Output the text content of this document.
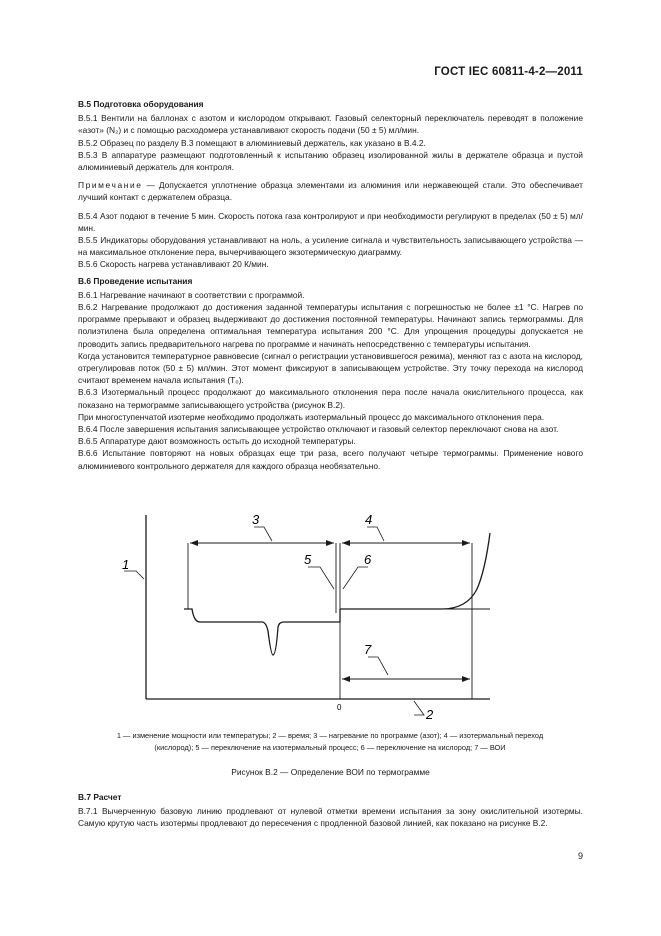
ГОСТ IEC 60811-4-2—2011

В.5 Подготовка оборудования

В.5.1 Вентили на баллонах с азотом и кислородом открывают. Газовый селекторный переключатель переводят в положение «азот» (N₂) и с помощью расходомера устанавливают скорость подачи (50 ± 5) мл/мин.

В.5.2 Образец по разделу В.3 помещают в алюминиевый держатель, как указано в В.4.2.

В.5.3 В аппаратуре размещают подготовленный к испытанию образец изолированной жилы в держателе образца и пустой алюминиевый держатель для контроля.

Примечание — Допускается уплотнение образца элементами из алюминия или нержавеющей стали. Это обеспечивает лучший контакт с держателем образца.

В.5.4 Азот подают в течение 5 мин. Скорость потока газа контролируют и при необходимости регулируют в пределах (50 ± 5) мл/мин.

В.5.5 Индикаторы оборудования устанавливают на ноль, а усиление сигнала и чувствительность записывающего устройства — на максимальное отклонение пера, вычерчивающего экзотермическую диаграмму.

В.5.6 Скорость нагрева устанавливают 20 К/мин.

В.6 Проведение испытания

В.6.1 Нагревание начинают в соответствии с программой.

В.6.2 Нагревание продолжают до достижения заданной температуры испытания с погрешностью не более ±1 °С. Нагрев по программе прерывают и образец выдерживают до достижения постоянной температуры. Начинают запись термограммы. Для полиэтилена была определена оптимальная температура испытания 200 °С. Для упрощения процедуры допускается не проводить запись предварительного нагрева по программе и начинать непосредственно с температуры испытания.

Когда установится температурное равновесие (сигнал о регистрации установившегося режима), меняют газ с азота на кислород, отрегулировав поток (50 ± 5) мл/мин. Этот момент фиксируют в записывающем устройстве. Эту точку перехода на кислород считают временем начала испытания (T₀).

В.6.3 Изотермальный процесс продолжают до максимального отклонения пера после начала окислительного процесса, как показано на термограмме записывающего устройства (рисунок В.2).

При многоступенчатой изотерме необходимо продолжать изотермальный процесс до максимального отклонения пера.

В.6.4 После завершения испытания записывающее устройство отключают и газовый селектор переключают снова на азот.

В.6.5 Аппаратуре дают возможность остыть до исходной температуры.

В.6.6 Испытание повторяют на новых образцах еще три раза, всего получают четыре термограммы. Применение нового алюминиевого контрольного держателя для каждого образца необязательно.

1
2
3	4
5	6
7
0
1 — изменение мощности или температуры; 2 — время; 3 — нагревание по программе (азот); 4 — изотермальный переход
(кислород); 5 — переключение на изотермальный процесс; 6 — переключение на кислород; 7 — ВОИ
Рисунок В.2 — Определение ВОИ по термограмме

В.7 Расчет

В.7.1 Вычерченную базовую линию продлевают от нулевой отметки времени испытания за зону окислительной изотермы. Самую крутую часть изотермы продлевают до пересечения с продленной базовой линией, как показано на рисунке В.2.

9
